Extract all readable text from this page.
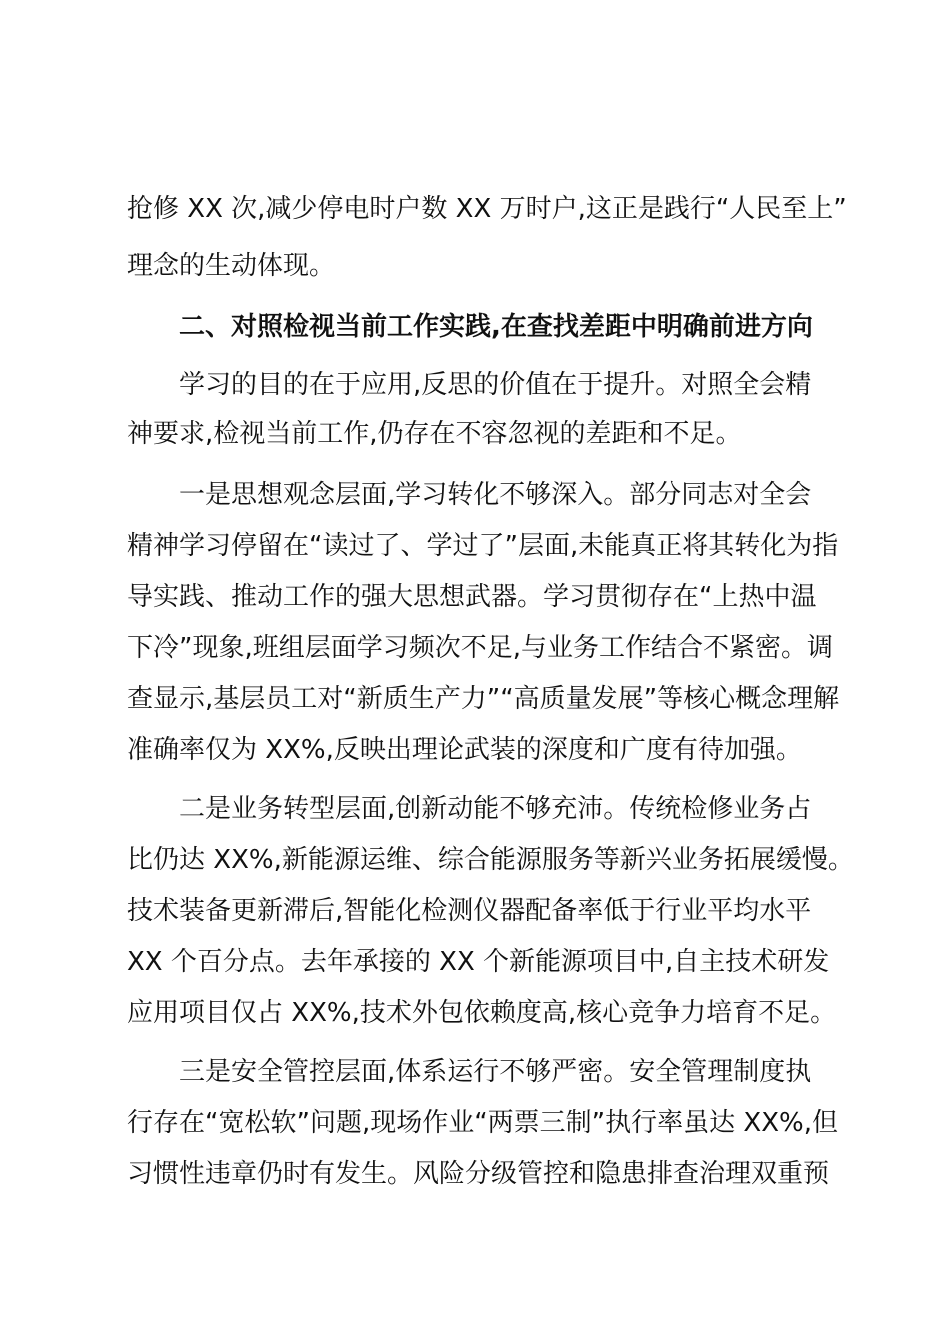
抢修 XX 次,减少停电时户数 XX 万时户,这正是践行“人民至上”
理念的生动体现。
二、对照检视当前工作实践,在查找差距中明确前进方向
学习的目的在于应用,反思的价值在于提升。对照全会精
神要求,检视当前工作,仍存在不容忽视的差距和不足。
一是思想观念层面,学习转化不够深入。部分同志对全会
精神学习停留在“读过了、学过了”层面,未能真正将其转化为指
导实践、推动工作的强大思想武器。学习贯彻存在“上热中温
下冷”现象,班组层面学习频次不足,与业务工作结合不紧密。调
查显示,基层员工对“新质生产力”“高质量发展”等核心概念理解
准确率仅为 XX%,反映出理论武装的深度和广度有待加强。
二是业务转型层面,创新动能不够充沛。传统检修业务占
比仍达 XX%,新能源运维、综合能源服务等新兴业务拓展缓慢。
技术装备更新滞后,智能化检测仪器配备率低于行业平均水平
XX 个百分点。去年承接的 XX 个新能源项目中,自主技术研发
应用项目仅占 XX%,技术外包依赖度高,核心竞争力培育不足。
三是安全管控层面,体系运行不够严密。安全管理制度执
行存在“宽松软”问题,现场作业“两票三制”执行率虽达 XX%,但
习惯性违章仍时有发生。风险分级管控和隐患排查治理双重预
